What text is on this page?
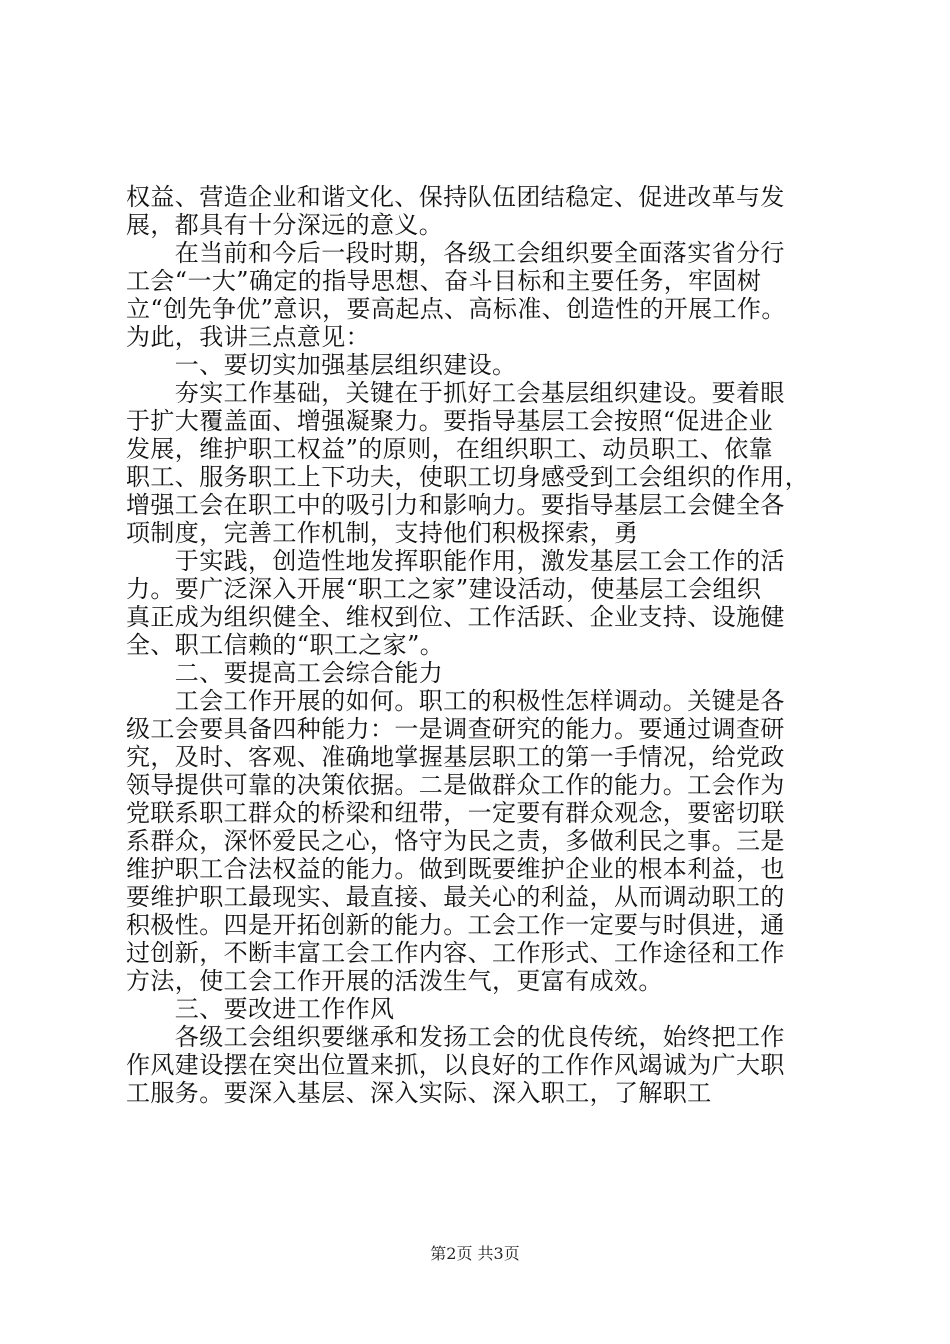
权益、营造企业和谐文化、保持队伍团结稳定、促进改革与发
展，都具有十分深远的意义。
　　在当前和今后一段时期，各级工会组织要全面落实省分行
工会“一大”确定的指导思想、奋斗目标和主要任务，牢固树
立“创先争优”意识，要高起点、高标准、创造性的开展工作。
为此，我讲三点意见：
　　一、要切实加强基层组织建设。
　　夯实工作基础，关键在于抓好工会基层组织建设。要着眼
于扩大覆盖面、增强凝聚力。要指导基层工会按照“促进企业
发展，维护职工权益”的原则，在组织职工、动员职工、依靠
职工、服务职工上下功夫，使职工切身感受到工会组织的作用，
增强工会在职工中的吸引力和影响力。要指导基层工会健全各
项制度，完善工作机制，支持他们积极探索，勇
　　于实践，创造性地发挥职能作用，激发基层工会工作的活
力。要广泛深入开展“职工之家”建设活动，使基层工会组织
真正成为组织健全、维权到位、工作活跃、企业支持、设施健
全、职工信赖的“职工之家”。
　　二、要提高工会综合能力
　　工会工作开展的如何。职工的积极性怎样调动。关键是各
级工会要具备四种能力：一是调查研究的能力。要通过调查研
究，及时、客观、准确地掌握基层职工的第一手情况，给党政
领导提供可靠的决策依据。二是做群众工作的能力。工会作为
党联系职工群众的桥梁和纽带，一定要有群众观念，要密切联
系群众，深怀爱民之心，恪守为民之责，多做利民之事。三是
维护职工合法权益的能力。做到既要维护企业的根本利益，也
要维护职工最现实、最直接、最关心的利益，从而调动职工的
积极性。四是开拓创新的能力。工会工作一定要与时俱进，通
过创新，不断丰富工会工作内容、工作形式、工作途径和工作
方法，使工会工作开展的活泼生气，更富有成效。
　　三、要改进工作作风
　　各级工会组织要继承和发扬工会的优良传统，始终把工作
作风建设摆在突出位置来抓，以良好的工作作风竭诚为广大职
工服务。要深入基层、深入实际、深入职工，了解职工
第2页 共3页
